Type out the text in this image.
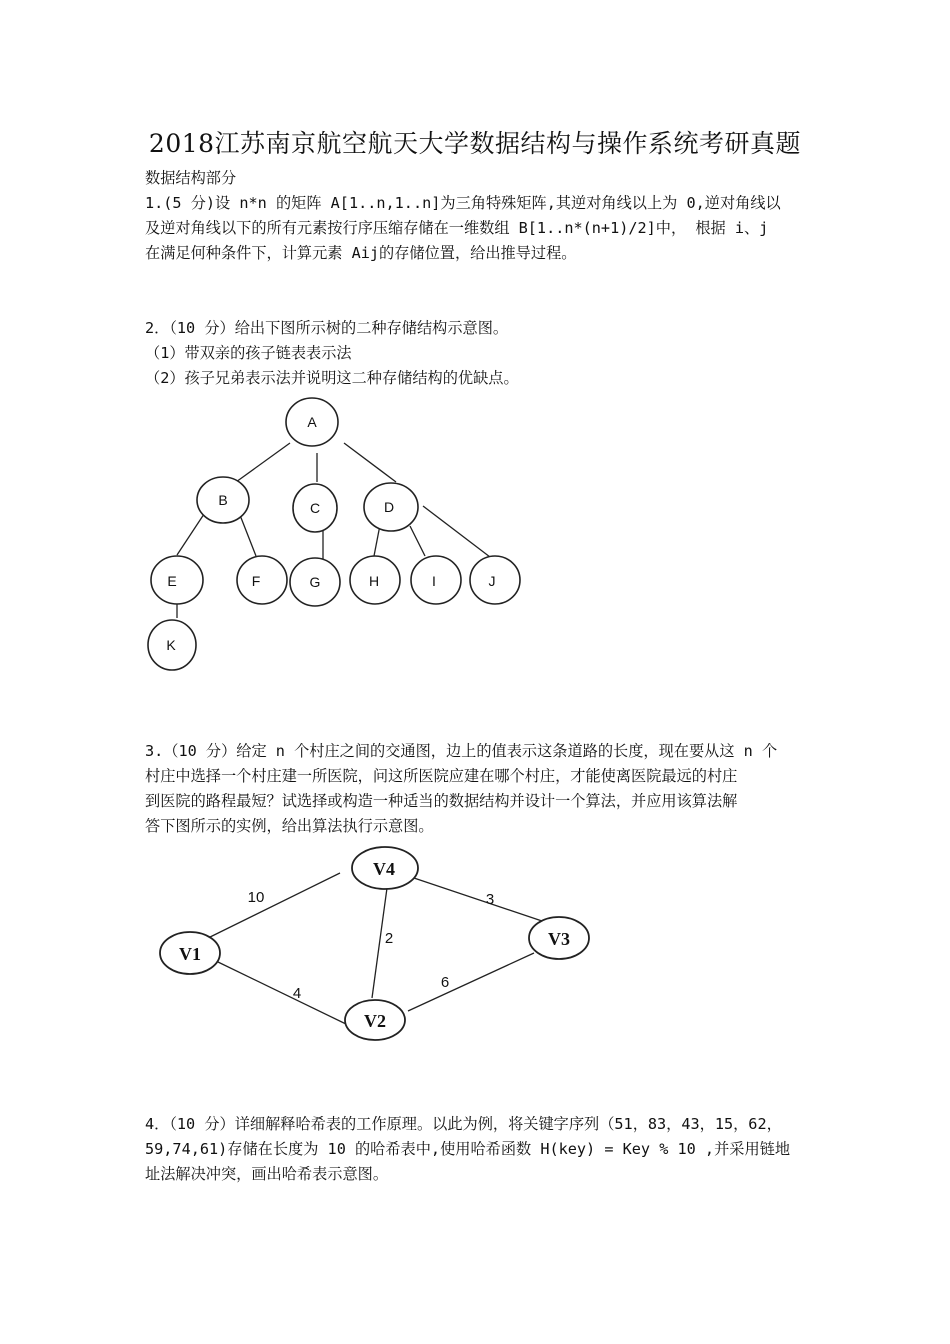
2018江苏南京航空航天大学数据结构与操作系统考研真题
数据结构部分
1.(5 分)设 n*n 的矩阵 A[1..n,1..n]为三角特殊矩阵,其逆对角线以上为 0,逆对角线以
及逆对角线以下的所有元素按行序压缩存储在一维数组 B[1..n*(n+1)/2]中， 根据 i、j
在满足何种条件下，计算元素 Aij的存储位置，给出推导过程。
2．（10 分）给出下图所示树的二种存储结构示意图。
（1）带双亲的孩子链表表示法
（2）孩子兄弟表示法并说明这二种存储结构的优缺点。
A
B	C	D
E	F	G	H	I	J
K
3.（10 分）给定 n 个村庄之间的交通图，边上的值表示这条道路的长度，现在要从这 n 个
村庄中选择一个村庄建一所医院，问这所医院应建在哪个村庄，才能使离医院最远的村庄
到医院的路程最短？试选择或构造一种适当的数据结构并设计一个算法，并应用该算法解
答下图所示的实例，给出算法执行示意图。
V4
V1
V3
V2
10	3
2
4
6
4．（10 分）详细解释哈希表的工作原理。以此为例，将关键字序列（51，83，43，15，62，
59,74,61)存储在长度为 10 的哈希表中,使用哈希函数 H(key) = Key % 10 ,并采用链地
址法解决冲突，画出哈希表示意图。
